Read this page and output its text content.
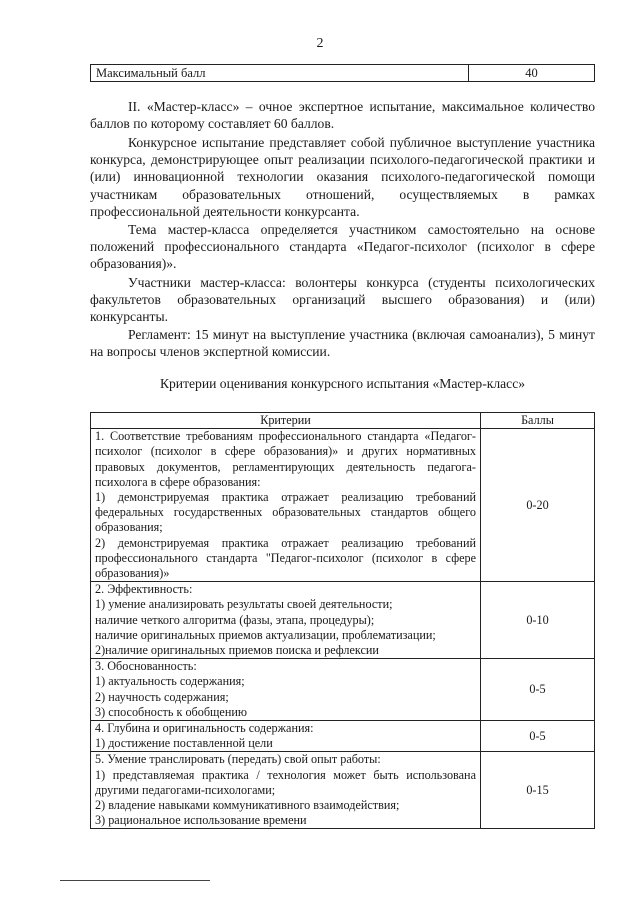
2
Максимальный балл	40

II. «Мастер-класс» – очное экспертное испытание, максимальное количество баллов по которому составляет 60 баллов.

Конкурсное испытание представляет собой публичное выступление участника конкурса, демонстрирующее опыт реализации психолого-педагогической практики и (или) инновационной технологии оказания психолого-педагогической помощи участникам образовательных отношений, осуществляемых в рамках профессиональной деятельности конкурсанта.

Тема мастер-класса определяется участником самостоятельно на основе положений профессионального стандарта «Педагог-психолог (психолог в сфере образования)».

Участники мастер-класса: волонтеры конкурса (студенты психологических факультетов образовательных организаций высшего образования) и (или) конкурсанты.

Регламент: 15 минут на выступление участника (включая самоанализ), 5 минут на вопросы членов экспертной комиссии.

Критерии оценивания конкурсного испытания «Мастер-класс»

Критерии	Баллы

1. Соответствие требованиям профессионального стандарта «Педагог-психолог (психолог в сфере образования)» и других нормативных правовых документов, регламентирующих деятельность педагога-психолога в сфере образования:
1) демонстрируемая практика отражает реализацию требований федеральных государственных образовательных стандартов общего образования;
2) демонстрируемая практика отражает реализацию требований профессионального стандарта "Педагог-психолог (психолог в сфере образования)»	0-20

2. Эффективность:
1) умение анализировать результаты своей деятельности;
наличие четкого алгоритма (фазы, этапа, процедуры);
наличие оригинальных приемов актуализации, проблематизации;
2)наличие оригинальных приемов поиска и рефлексии	0-10

3. Обоснованность:
1) актуальность содержания;
2) научность содержания;
3) способность к обобщению	0-5

4. Глубина и оригинальность содержания:
1) достижение поставленной цели	0-5

5. Умение транслировать (передать) свой опыт работы:
1) представляемая практика / технология может быть использована другими педагогами-психологами;
2) владение навыками коммуникативного взаимодействия;
3) рациональное использование времени	0-15
